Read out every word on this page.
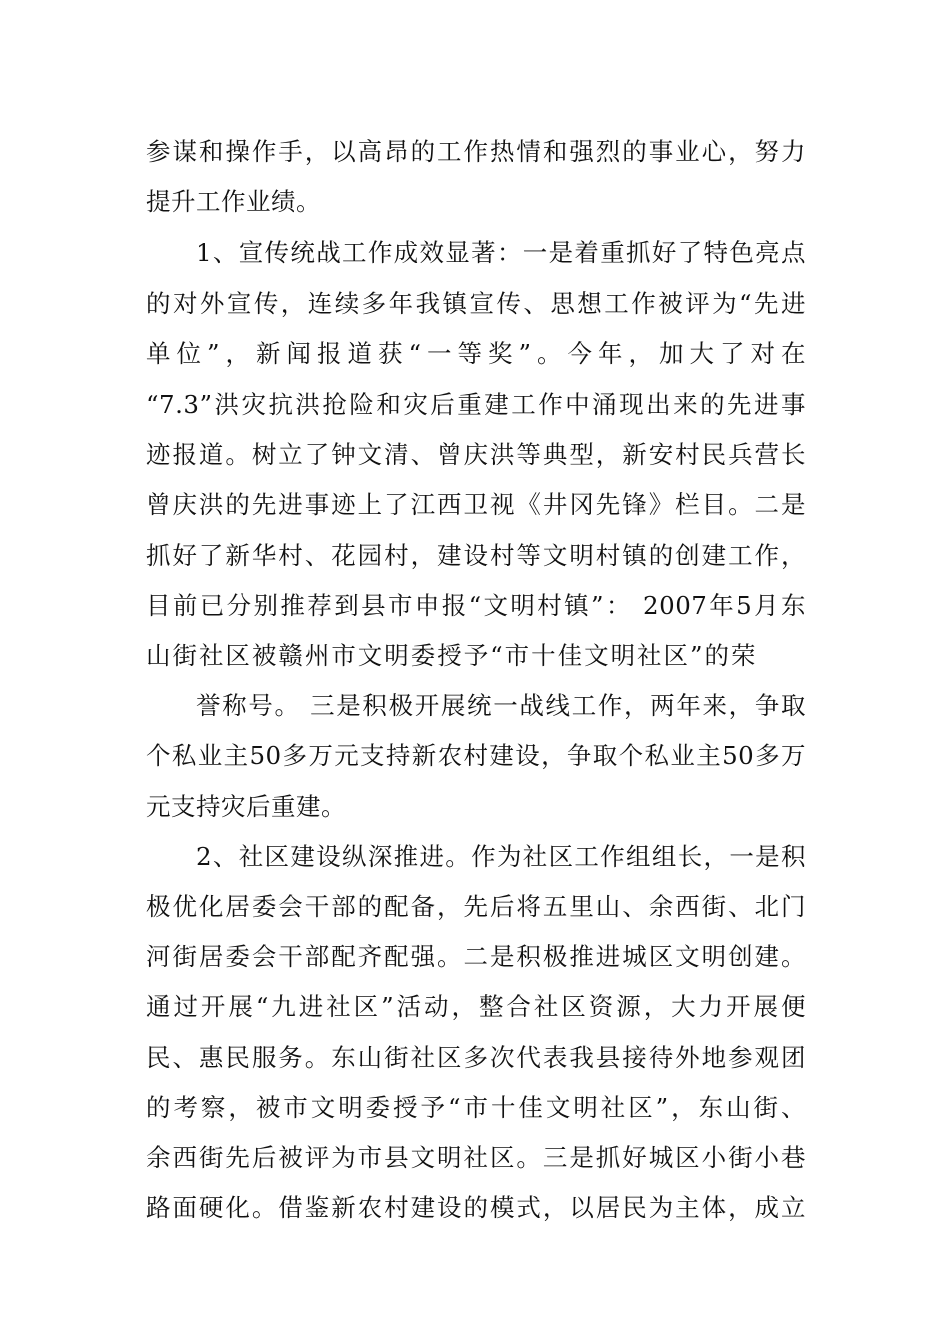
参谋和操作手，以高昂的工作热情和强烈的事业心，努力
提升工作业绩。
1、宣传统战工作成效显著：一是着重抓好了特色亮点
的对外宣传，连续多年我镇宣传、思想工作被评为“先进
单位”，新闻报道获“一等奖”。今年，加大了对在
“7.3”洪灾抗洪抢险和灾后重建工作中涌现出来的先进事
迹报道。树立了钟文清、曾庆洪等典型，新安村民兵营长
曾庆洪的先进事迹上了江西卫视《井冈先锋》栏目。二是
抓好了新华村、花园村，建设村等文明村镇的创建工作，
目前已分别推荐到县市申报“文明村镇”： 2007年5月东
山街社区被赣州市文明委授予“市十佳文明社区”的荣
誉称号。 三是积极开展统一战线工作，两年来，争取
个私业主50多万元支持新农村建设，争取个私业主50多万
元支持灾后重建。
2、社区建设纵深推进。作为社区工作组组长，一是积
极优化居委会干部的配备，先后将五里山、余西街、北门
河街居委会干部配齐配强。二是积极推进城区文明创建。
通过开展“九进社区”活动，整合社区资源，大力开展便
民、惠民服务。东山街社区多次代表我县接待外地参观团
的考察，被市文明委授予“市十佳文明社区”，东山街、
余西街先后被评为市县文明社区。三是抓好城区小街小巷
路面硬化。借鉴新农村建设的模式，以居民为主体，成立
